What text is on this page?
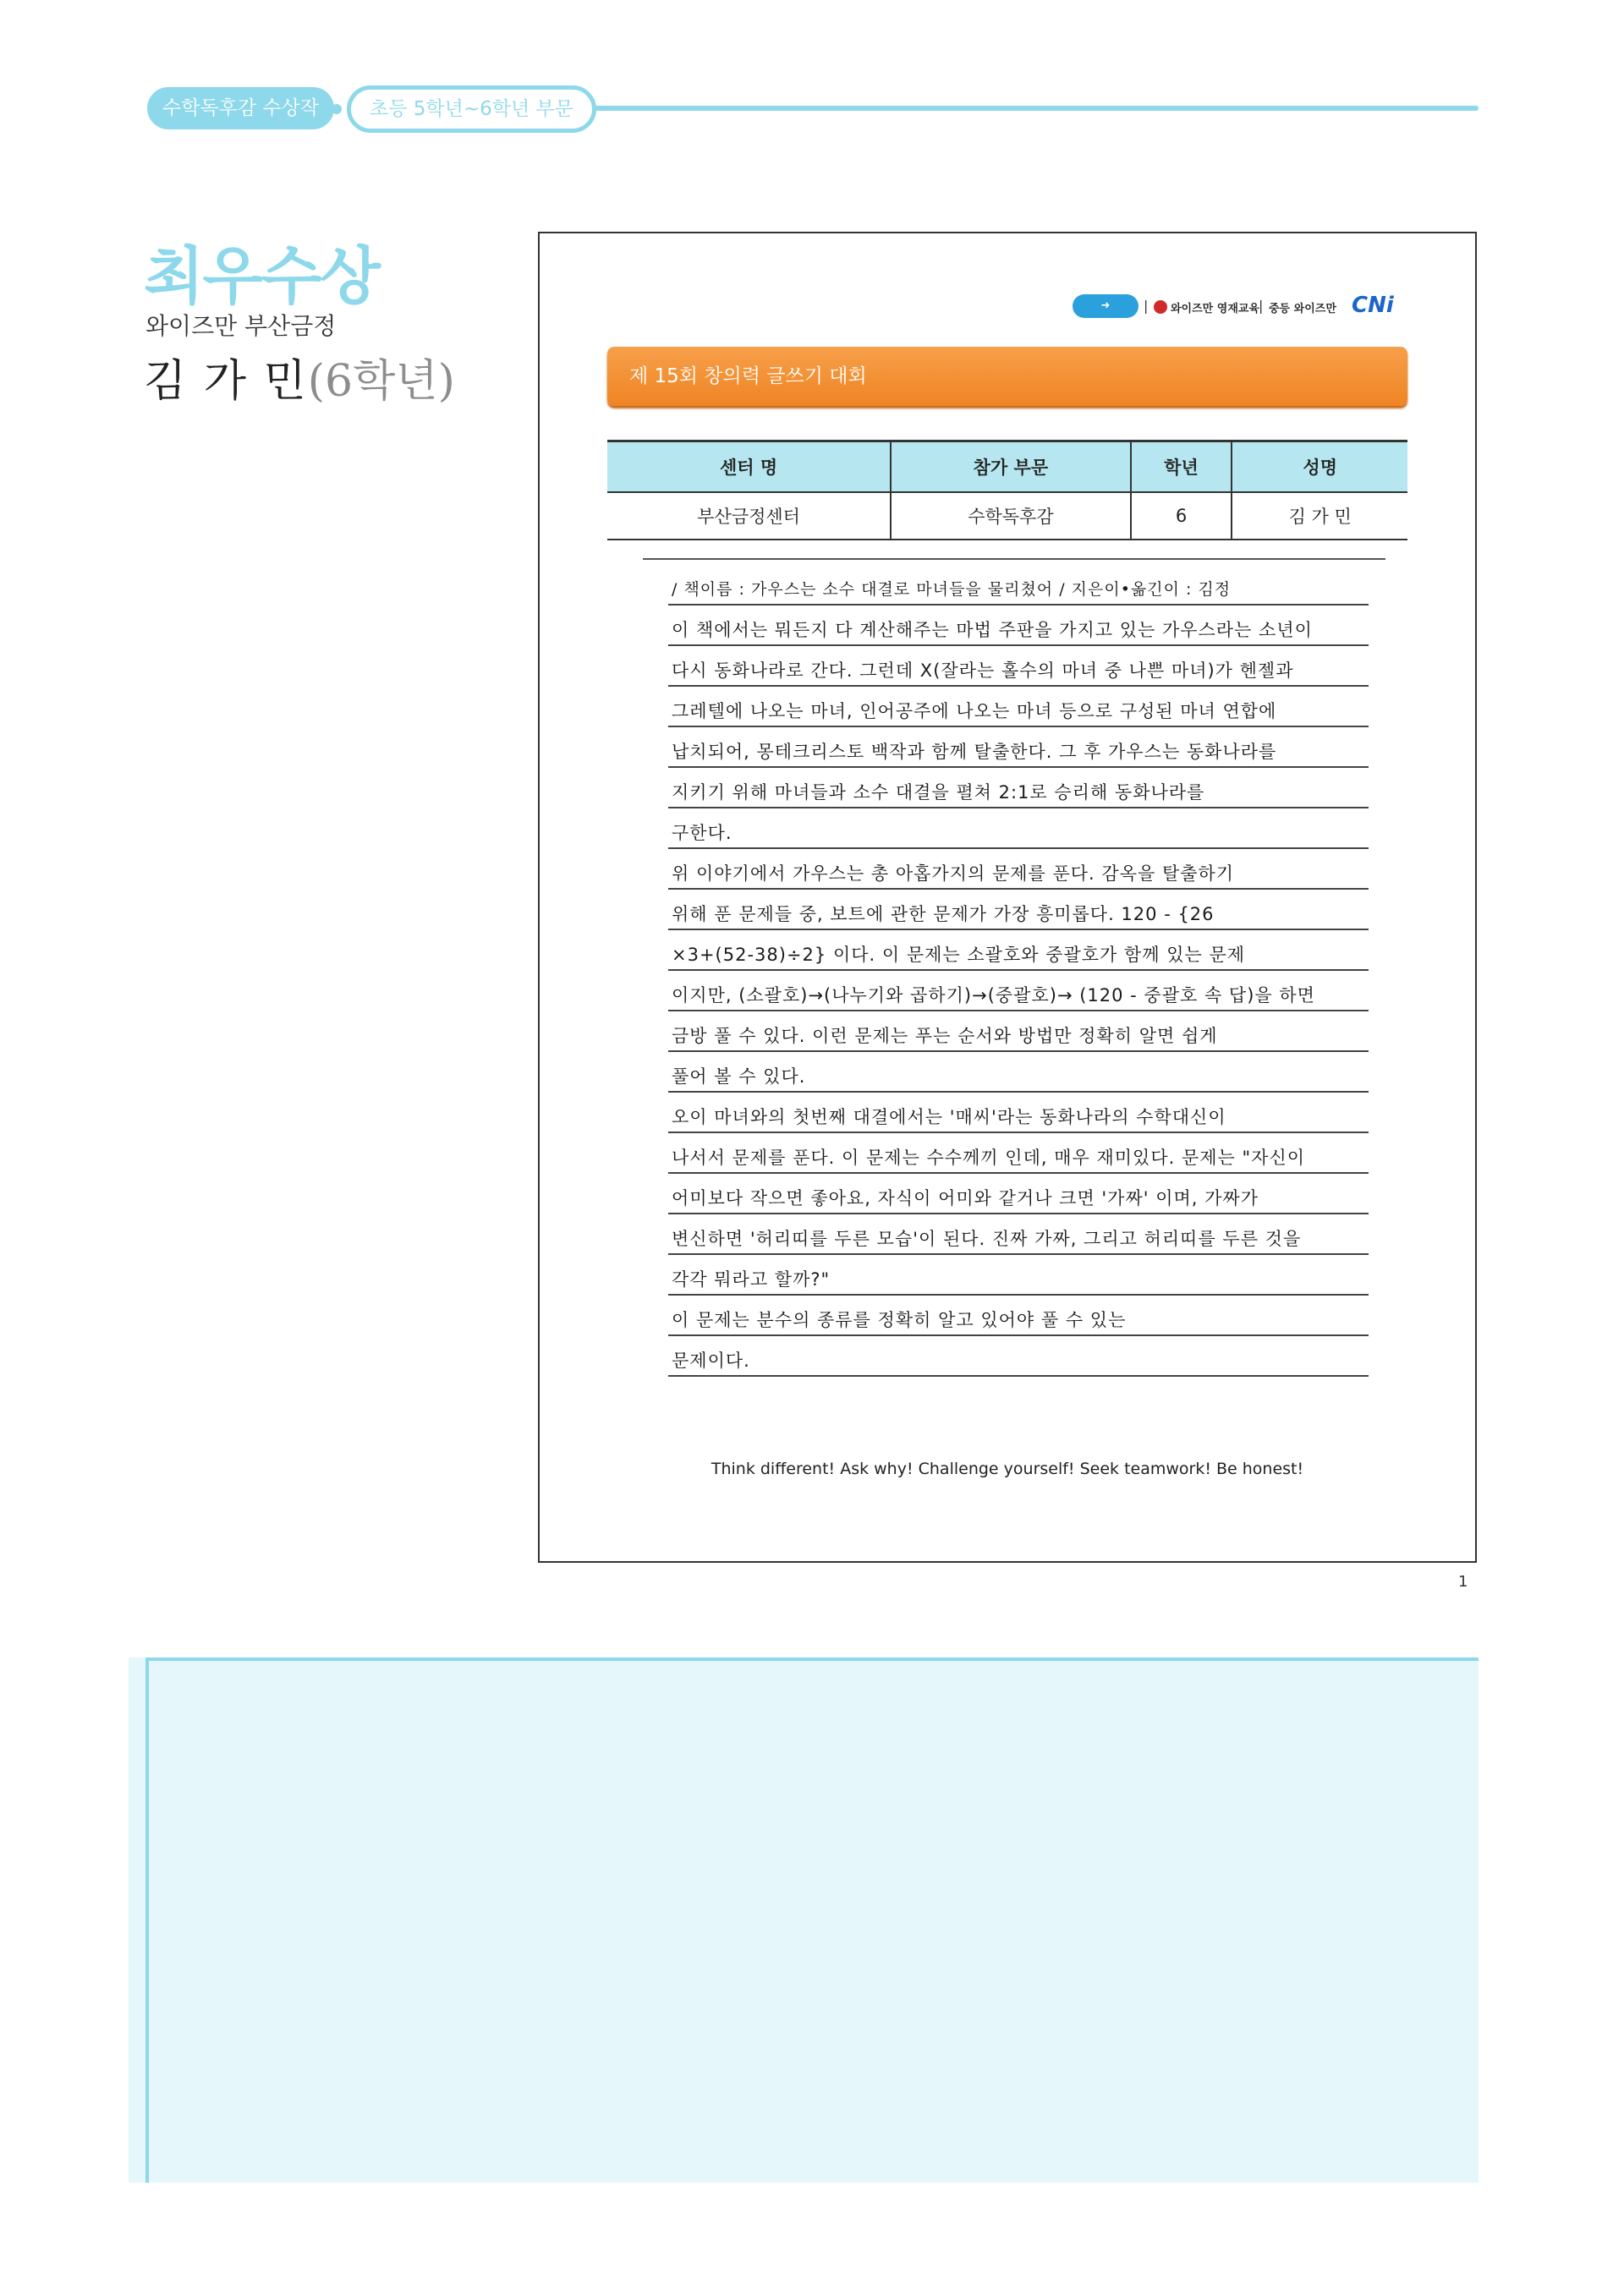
수학독후감 수상작	초등 5학년~6학년 부문
최우수상
와이즈만 부산금정
김 가 민(6학년)
➜	| 와이즈만 영재교육 | 중등 와이즈만 CNi
제 15회 창의력 글쓰기 대회
센터 명	참가 부문	학년	성명
부산금정센터	수학독후감	6	김 가 민
/ 책이름 : 가우스는 소수 대결로 마녀들을 물리쳤어 / 지은이•옮긴이 : 김정
이 책에서는 뭐든지 다 계산해주는 마법 주판을 가지고 있는 가우스라는 소년이
다시 동화나라로 간다. 그런데 X(잘라는 홀수의 마녀 중 나쁜 마녀)가 헨젤과
그레텔에 나오는 마녀, 인어공주에 나오는 마녀 등으로 구성된 마녀 연합에
납치되어, 몽테크리스토 백작과 함께 탈출한다. 그 후 가우스는 동화나라를
지키기 위해 마녀들과 소수 대결을 펼쳐 2:1로 승리해 동화나라를
구한다.
위 이야기에서 가우스는 총 아홉가지의 문제를 푼다. 감옥을 탈출하기
위해 푼 문제들 중, 보트에 관한 문제가 가장 흥미롭다. 120 - {26
×3+(52-38)÷2} 이다. 이 문제는 소괄호와 중괄호가 함께 있는 문제
이지만, (소괄호)→(나누기와 곱하기)→(중괄호)→ (120 - 중괄호 속 답)을 하면
금방 풀 수 있다. 이런 문제는 푸는 순서와 방법만 정확히 알면 쉽게
풀어 볼 수 있다.
오이 마녀와의 첫번째 대결에서는 '매씨'라는 동화나라의 수학대신이
나서서 문제를 푼다. 이 문제는 수수께끼 인데, 매우 재미있다. 문제는 "자신이
어미보다 작으면 좋아요, 자식이 어미와 같거나 크면 '가짜' 이며, 가짜가
변신하면 '허리띠를 두른 모습'이 된다. 진짜 가짜, 그리고 허리띠를 두른 것을
각각 뭐라고 할까?"
이 문제는 분수의 종류를 정확히 알고 있어야 풀 수 있는
문제이다.
Think different! Ask why! Challenge yourself! Seek teamwork! Be honest!
1
